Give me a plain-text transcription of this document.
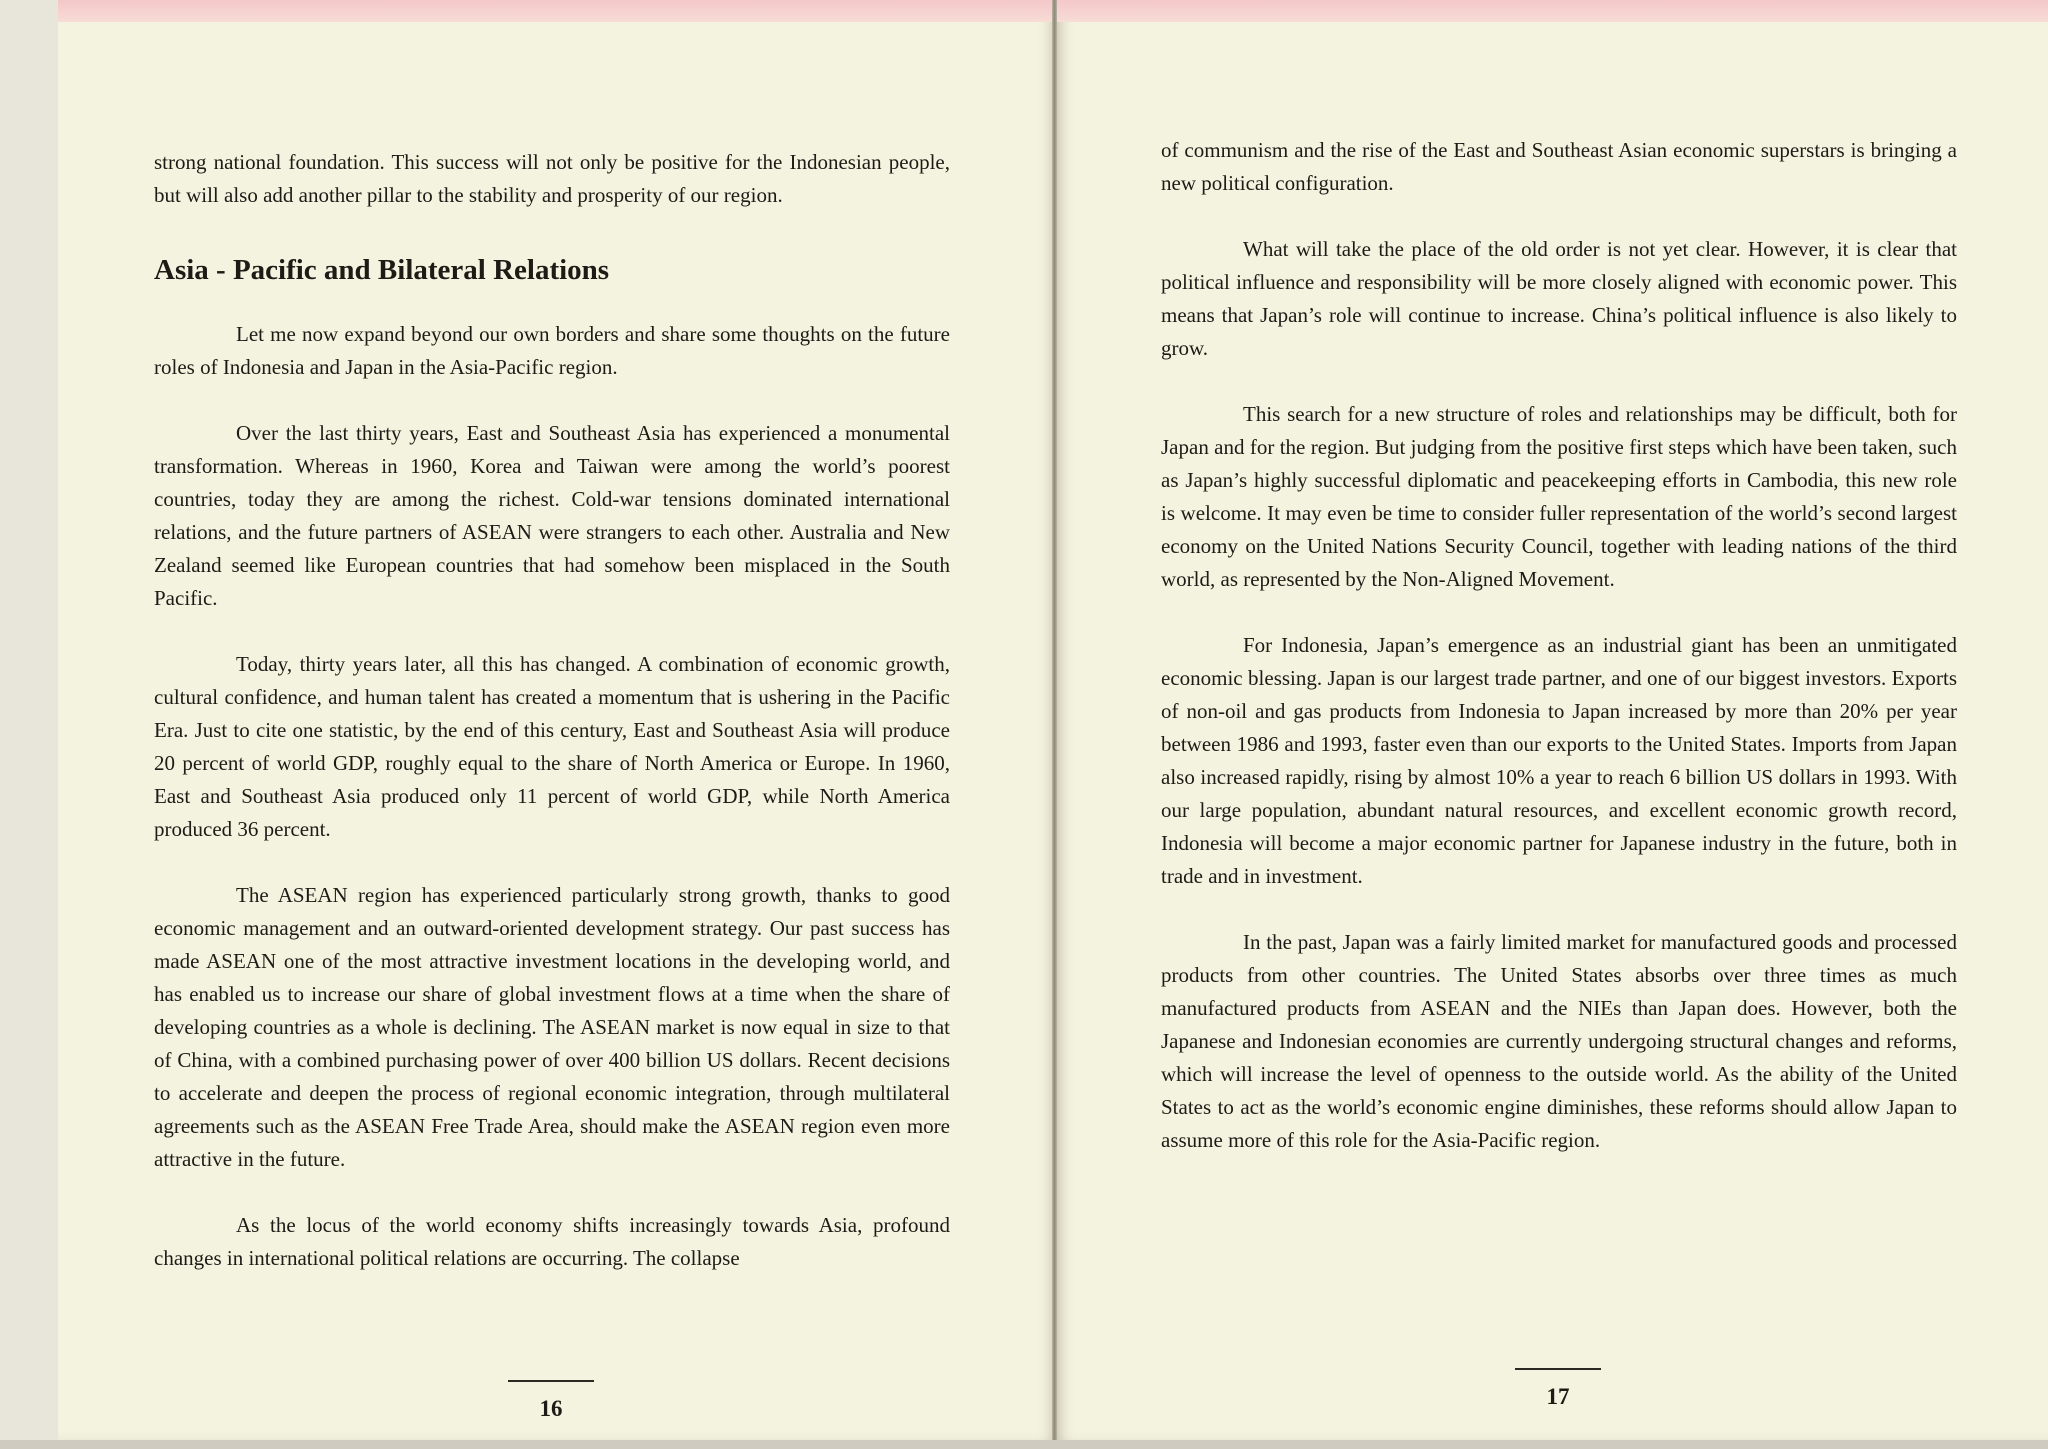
strong national foundation. This success will not only be positive for the Indonesian people, but will also add another pillar to the stability and prosperity of our region.

Asia - Pacific and Bilateral Relations

Let me now expand beyond our own borders and share some thoughts on the future roles of Indonesia and Japan in the Asia-Pacific region.

Over the last thirty years, East and Southeast Asia has experienced a monumental transformation. Whereas in 1960, Korea and Taiwan were among the world’s poorest countries, today they are among the richest. Cold-war tensions dominated international relations, and the future partners of ASEAN were strangers to each other. Australia and New Zealand seemed like European countries that had somehow been misplaced in the South Pacific.

Today, thirty years later, all this has changed. A combination of economic growth, cultural confidence, and human talent has created a momentum that is ushering in the Pacific Era. Just to cite one statistic, by the end of this century, East and Southeast Asia will produce 20 percent of world GDP, roughly equal to the share of North America or Europe. In 1960, East and Southeast Asia produced only 11 percent of world GDP, while North America produced 36 percent.

The ASEAN region has experienced particularly strong growth, thanks to good economic management and an outward-oriented development strategy. Our past success has made ASEAN one of the most attractive investment locations in the developing world, and has enabled us to increase our share of global investment flows at a time when the share of developing countries as a whole is declining. The ASEAN market is now equal in size to that of China, with a combined purchasing power of over 400 billion US dollars. Recent decisions to accelerate and deepen the process of regional economic integration, through multilateral agreements such as the ASEAN Free Trade Area, should make the ASEAN region even more attractive in the future.

As the locus of the world economy shifts increasingly towards Asia, profound changes in international political relations are occurring. The collapse

16

of communism and the rise of the East and Southeast Asian economic superstars is bringing a new political configuration.

What will take the place of the old order is not yet clear. However, it is clear that political influence and responsibility will be more closely aligned with economic power. This means that Japan’s role will continue to increase. China’s political influence is also likely to grow.

This search for a new structure of roles and relationships may be difficult, both for Japan and for the region. But judging from the positive first steps which have been taken, such as Japan’s highly successful diplomatic and peacekeeping efforts in Cambodia, this new role is welcome. It may even be time to consider fuller representation of the world’s second largest economy on the United Nations Security Council, together with leading nations of the third world, as represented by the Non-Aligned Movement.

For Indonesia, Japan’s emergence as an industrial giant has been an unmitigated economic blessing. Japan is our largest trade partner, and one of our biggest investors. Exports of non-oil and gas products from Indonesia to Japan increased by more than 20% per year between 1986 and 1993, faster even than our exports to the United States. Imports from Japan also increased rapidly, rising by almost 10% a year to reach 6 billion US dollars in 1993. With our large population, abundant natural resources, and excellent economic growth record, Indonesia will become a major economic partner for Japanese industry in the future, both in trade and in investment.

In the past, Japan was a fairly limited market for manufactured goods and processed products from other countries. The United States absorbs over three times as much manufactured products from ASEAN and the NIEs than Japan does. However, both the Japanese and Indonesian economies are currently undergoing structural changes and reforms, which will increase the level of openness to the outside world. As the ability of the United States to act as the world’s economic engine diminishes, these reforms should allow Japan to assume more of this role for the Asia-Pacific region.

17
